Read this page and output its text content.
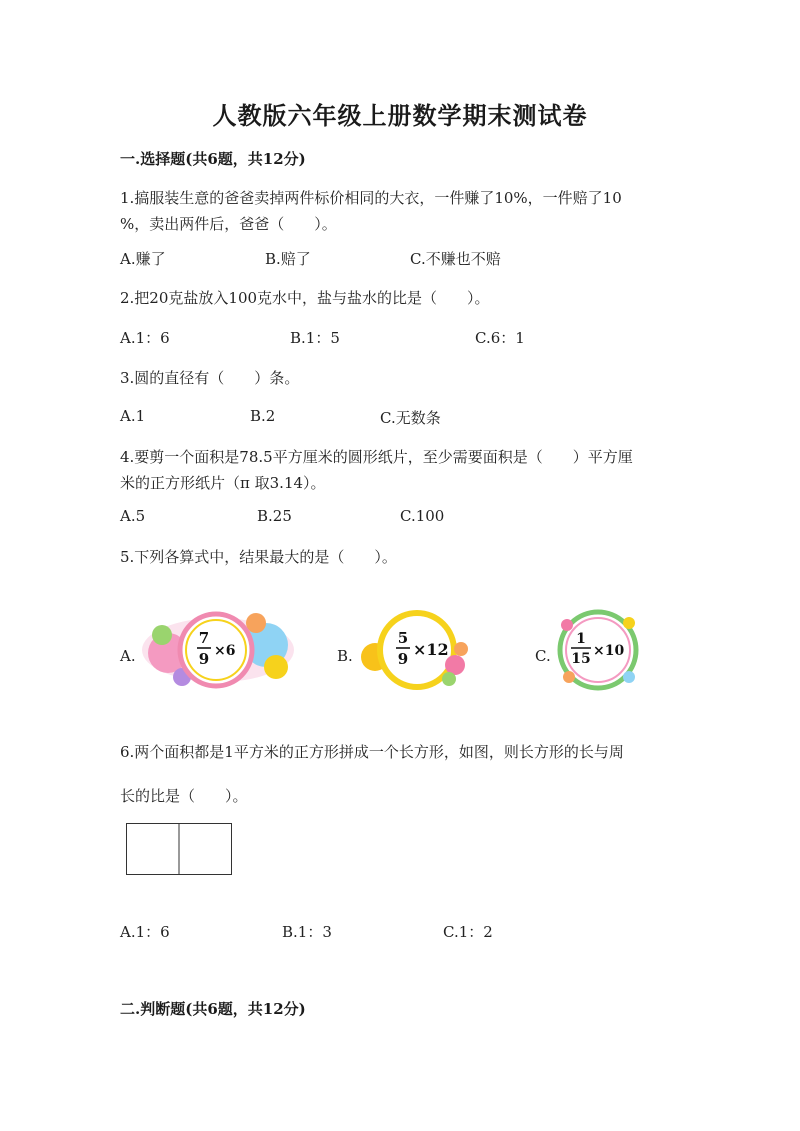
人教版六年级上册数学期末测试卷
一.选择题(共6题，共12分)
1.搞服装生意的爸爸卖掉两件标价相同的大衣，一件赚了10%，一件赔了10
%，卖出两件后，爸爸（　　）。
A.赚了	B.赔了	C.不赚也不赔
2.把20克盐放入100克水中，盐与盐水的比是（　　）。
A.1：6	B.1：5	C.6：1
3.圆的直径有（　　）条。
A.1	B.2	C.无数条
4.要剪一个面积是78.5平方厘米的圆形纸片，至少需要面积是（　　）平方厘
米的正方形纸片（π 取3.14）。
A.5	B.25	C.100
5.下列各算式中，结果最大的是（　　）。
A.
7
9 ×6	B.
5
9 ×12	C.
1
15 ×10
6.两个面积都是1平方米的正方形拼成一个长方形，如图，则长方形的长与周
长的比是（　　）。
A.1：6	B.1：3	C.1：2
二.判断题(共6题，共12分)
